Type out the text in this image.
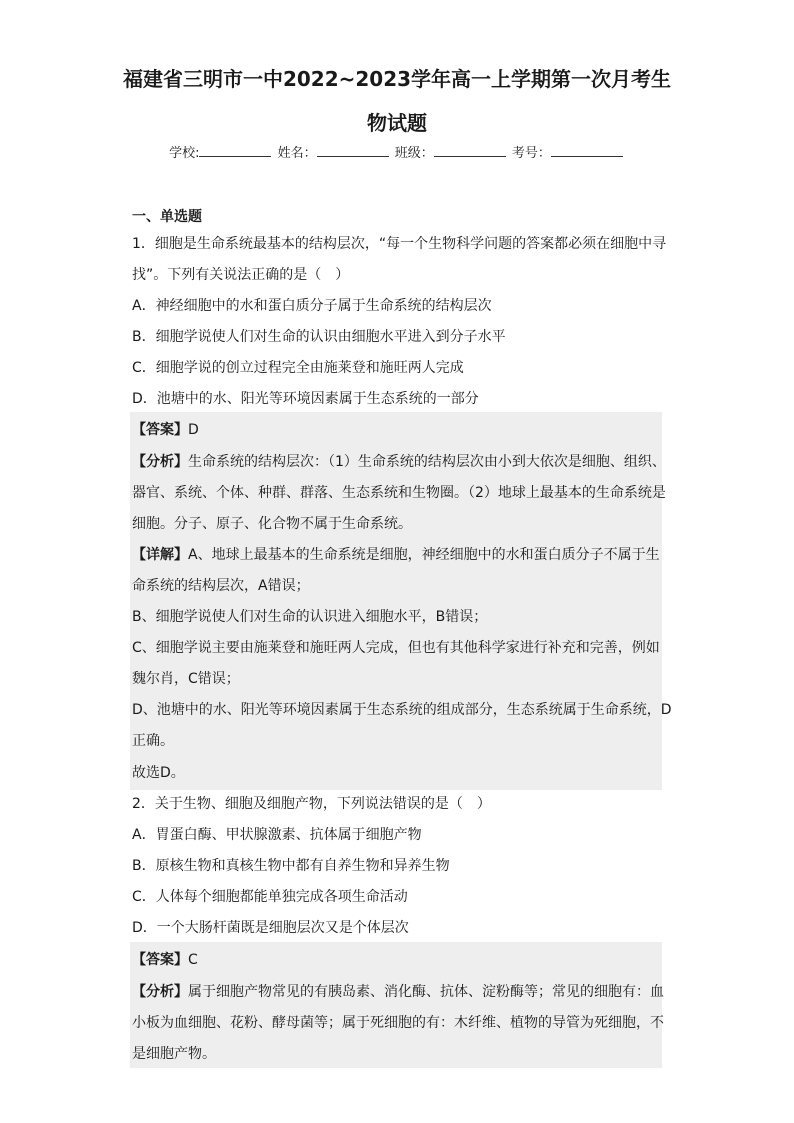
福建省三明市一中2022~2023学年高一上学期第一次月考生
物试题
学校:	姓名：	班级：	考号：
一、单选题
1．细胞是生命系统最基本的结构层次，“每一个生物科学问题的答案都必须在细胞中寻
找”。下列有关说法正确的是（　）
A．神经细胞中的水和蛋白质分子属于生命系统的结构层次
B．细胞学说使人们对生命的认识由细胞水平进入到分子水平
C．细胞学说的创立过程完全由施莱登和施旺两人完成
D．池塘中的水、阳光等环境因素属于生态系统的一部分
【答案】D
【分析】生命系统的结构层次：（1）生命系统的结构层次由小到大依次是细胞、组织、
器官、系统、个体、种群、群落、生态系统和生物圈。（2）地球上最基本的生命系统是
细胞。分子、原子、化合物不属于生命系统。
【详解】A、地球上最基本的生命系统是细胞，神经细胞中的水和蛋白质分子不属于生
命系统的结构层次，A错误；
B、细胞学说使人们对生命的认识进入细胞水平，B错误；
C、细胞学说主要由施莱登和施旺两人完成，但也有其他科学家进行补充和完善，例如
魏尔肖，C错误；
D、池塘中的水、阳光等环境因素属于生态系统的组成部分，生态系统属于生命系统，D
正确。
故选D。
2．关于生物、细胞及细胞产物，下列说法错误的是（　）
A．胃蛋白酶、甲状腺激素、抗体属于细胞产物
B．原核生物和真核生物中都有自养生物和异养生物
C．人体每个细胞都能单独完成各项生命活动
D．一个大肠杆菌既是细胞层次又是个体层次
【答案】C
【分析】属于细胞产物常见的有胰岛素、消化酶、抗体、淀粉酶等；常见的细胞有：血
小板为血细胞、花粉、酵母菌等；属于死细胞的有：木纤维、植物的导管为死细胞，不
是细胞产物。
